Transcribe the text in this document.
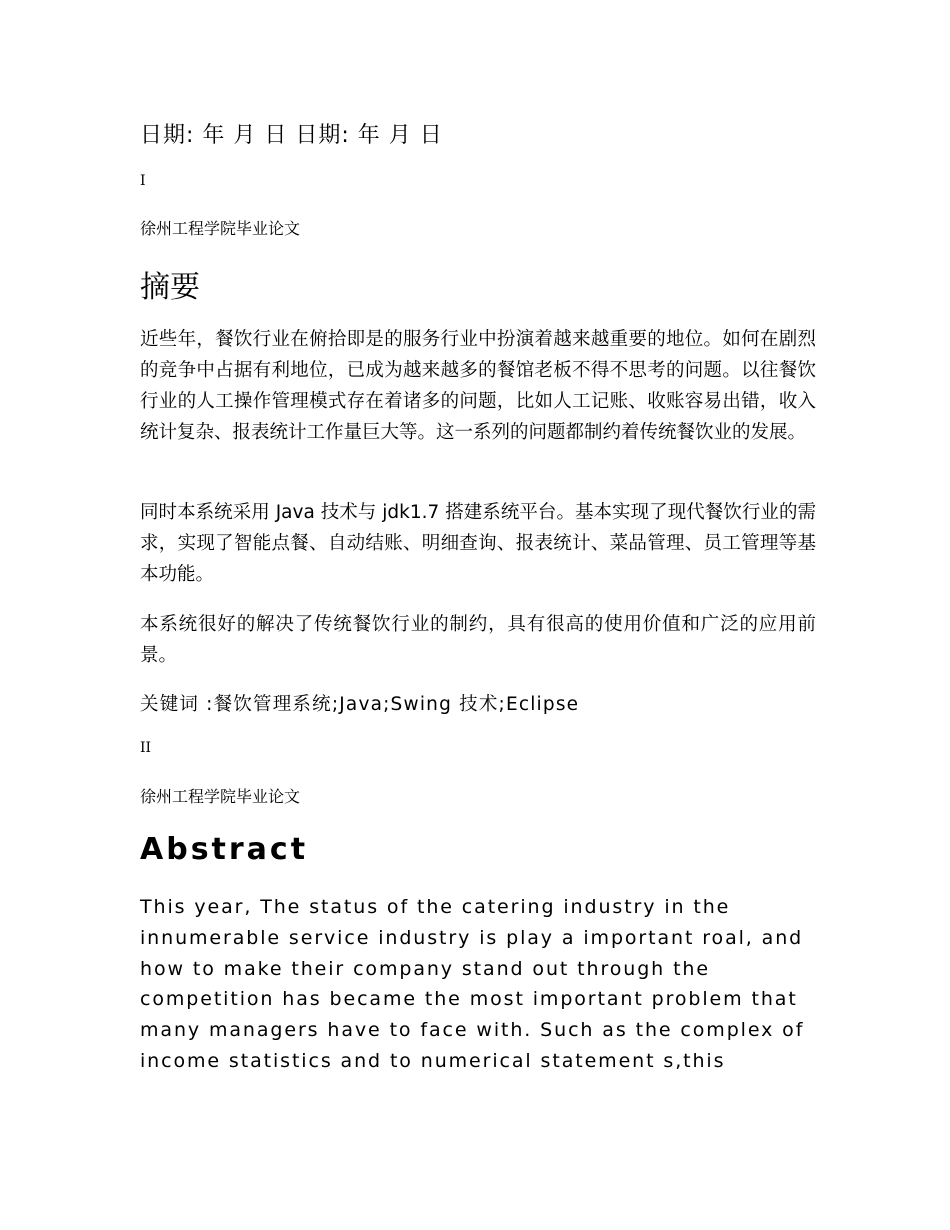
日期: 年 月 日 日期: 年 月 日
I
徐州工程学院毕业论文
摘要

近些年，餐饮行业在俯拾即是的服务行业中扮演着越来越重要的地位。如何在剧烈的竞争中占据有利地位，已成为越来越多的餐馆老板不得不思考的问题。以往餐饮行业的人工操作管理模式存在着诸多的问题，比如人工记账、收账容易出错，收入统计复杂、报表统计工作量巨大等。这一系列的问题都制约着传统餐饮业的发展。

同时本系统采用 Java 技术与 jdk1.7 搭建系统平台。基本实现了现代餐饮行业的需求，实现了智能点餐、自动结账、明细查询、报表统计、菜品管理、员工管理等基本功能。

本系统很好的解决了传统餐饮行业的制约，具有很高的使用价值和广泛的应用前景。

关键词 :餐饮管理系统;Java;Swing 技术;Eclipse
II
徐州工程学院毕业论文
Abstract

This year, The status of the catering industry in the innumerable service industry is play a important roal, and how to make their company stand out through the competition has became the most important problem that many managers have to face with. Such as the complex of income statistics and to numerical statement s,this
